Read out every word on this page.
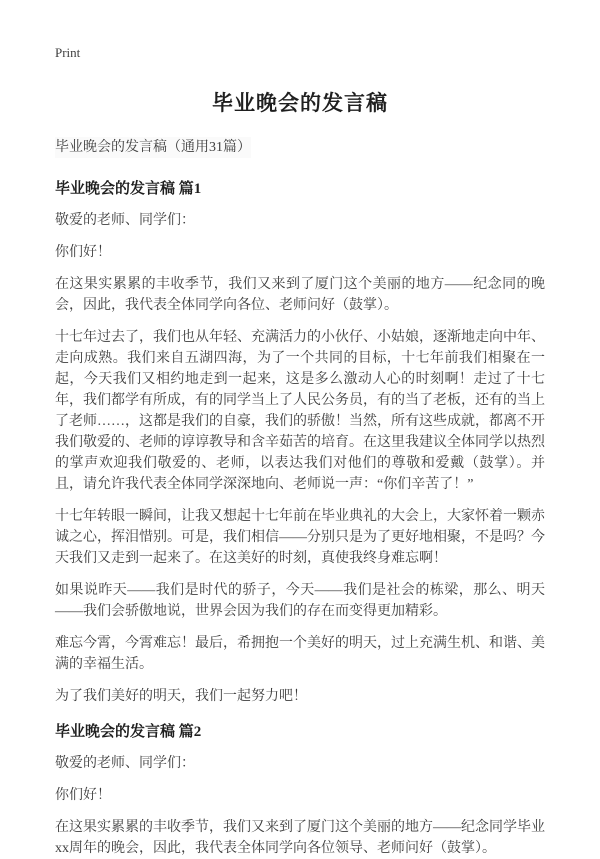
Print
毕业晚会的发言稿
毕业晚会的发言稿（通用31篇）
毕业晚会的发言稿 篇1

敬爱的老师、同学们：

你们好！

在这果实累累的丰收季节，我们又来到了厦门这个美丽的地方——纪念同的晚会，因此，我代表全体同学向各位、老师问好（鼓掌）。

十七年过去了，我们也从年轻、充满活力的小伙仔、小姑娘，逐渐地走向中年、走向成熟。我们来自五湖四海，为了一个共同的目标，十七年前我们相聚在一起，今天我们又相约地走到一起来，这是多么激动人心的时刻啊！走过了十七年，我们都学有所成，有的同学当上了人民公务员，有的当了老板，还有的当上了老师……，这都是我们的自豪，我们的骄傲！当然，所有这些成就，都离不开我们敬爱的、老师的谆谆教导和含辛茹苦的培育。在这里我建议全体同学以热烈的掌声欢迎我们敬爱的、老师，以表达我们对他们的尊敬和爱戴（鼓掌）。并且，请允许我代表全体同学深深地向、老师说一声：“你们辛苦了！”

十七年转眼一瞬间，让我又想起十七年前在毕业典礼的大会上，大家怀着一颗赤诚之心，挥泪惜别。可是，我们相信——分别只是为了更好地相聚，不是吗？今天我们又走到一起来了。在这美好的时刻，真使我终身难忘啊！

如果说昨天——我们是时代的骄子，今天——我们是社会的栋梁，那么、明天——我们会骄傲地说，世界会因为我们的存在而变得更加精彩。

难忘今霄，今霄难忘！最后，希拥抱一个美好的明天，过上充满生机、和谐、美满的幸福生活。

为了我们美好的明天，我们一起努力吧！

毕业晚会的发言稿 篇2

敬爱的老师、同学们：

你们好！

在这果实累累的丰收季节，我们又来到了厦门这个美丽的地方——纪念同学毕业xx周年的晚会，因此，我代表全体同学向各位领导、老师问好（鼓掌）。
